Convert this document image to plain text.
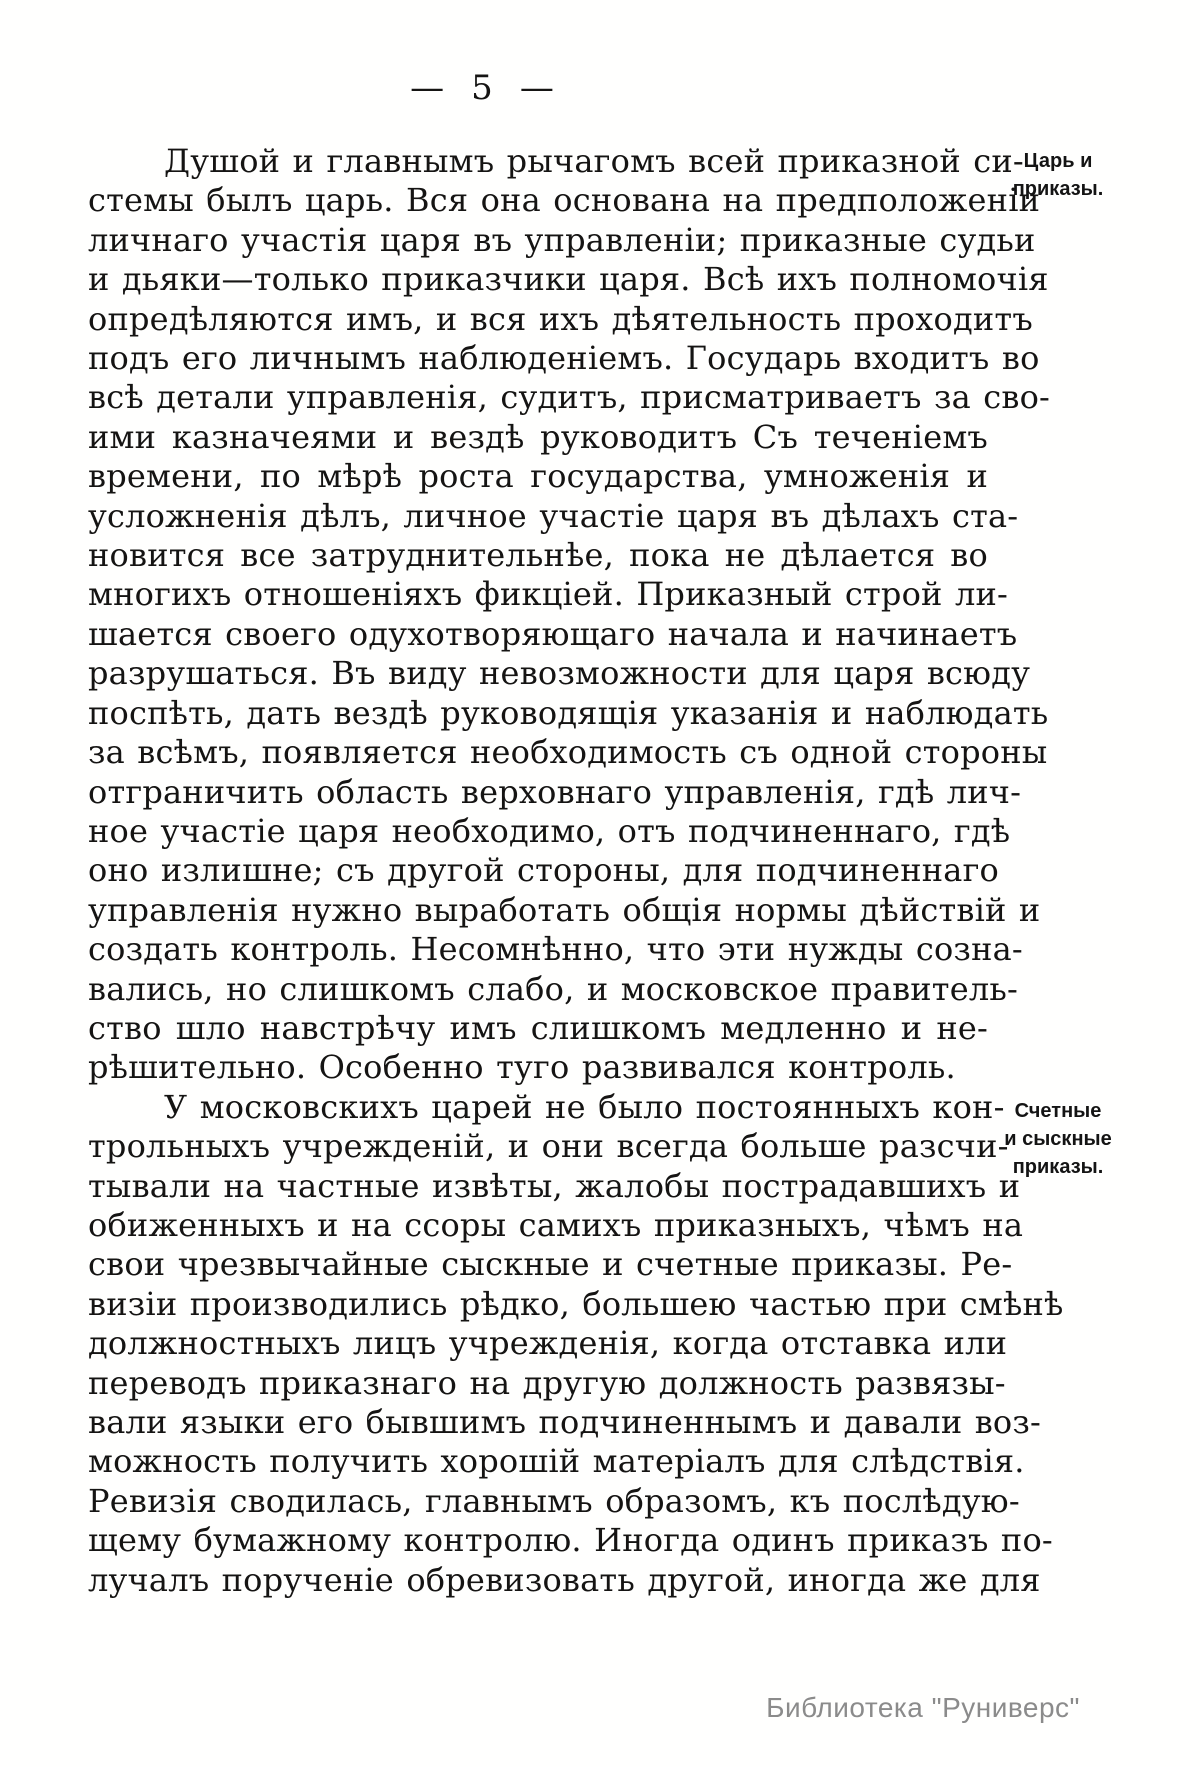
— 5 —
Душой и главнымъ рычагомъ всей приказной си-
стемы былъ царь. Вся она основана на предположеніи
личнаго участія царя въ управленіи; приказные судьи
и дьяки—только приказчики царя. Всѣ ихъ полномочія
опредѣляются имъ, и вся ихъ дѣятельность проходитъ
подъ его личнымъ наблюденіемъ. Государь входитъ во
всѣ детали управленія, судитъ, присматриваетъ за сво-
ими казначеями и вездѣ руководитъ Съ теченіемъ
времени, по мѣрѣ роста государства, умноженія и
усложненія дѣлъ, личное участіе царя въ дѣлахъ ста-
новится все затруднительнѣе, пока не дѣлается во
многихъ отношеніяхъ фикціей. Приказный строй ли-
шается своего одухотворяющаго начала и начинаетъ
разрушаться. Въ виду невозможности для царя всюду
поспѣть, дать вездѣ руководящія указанія и наблюдать
за всѣмъ, появляется необходимость съ одной стороны
отграничить область верховнаго управленія, гдѣ лич-
ное участіе царя необходимо, отъ подчиненнаго, гдѣ
оно излишне; съ другой стороны, для подчиненнаго
управленія нужно выработать общія нормы дѣйствій и
создать контроль. Несомнѣнно, что эти нужды созна-
вались, но слишкомъ слабо, и московское правитель-
ство шло навстрѣчу имъ слишкомъ медленно и не-
рѣшительно. Особенно туго развивался контроль.
У московскихъ царей не было постоянныхъ кон-
трольныхъ учрежденій, и они всегда больше разсчи-
тывали на частные извѣты, жалобы пострадавшихъ и
обиженныхъ и на ссоры самихъ приказныхъ, чѣмъ на
свои чрезвычайные сыскные и счетные приказы. Ре-
визіи производились рѣдко, большею частью при смѣнѣ
должностныхъ лицъ учрежденія, когда отставка или
переводъ приказнаго на другую должность развязы-
вали языки его бывшимъ подчиненнымъ и давали воз-
можность получить хорошій матеріалъ для слѣдствія.
Ревизія сводилась, главнымъ образомъ, къ послѣдую-
щему бумажному контролю. Иногда одинъ приказъ по-
лучалъ порученіе обревизовать другой, иногда же для
Царь и
приказы.
Счетные
и сыскные
приказы.
Библиотека "Руниверс"
